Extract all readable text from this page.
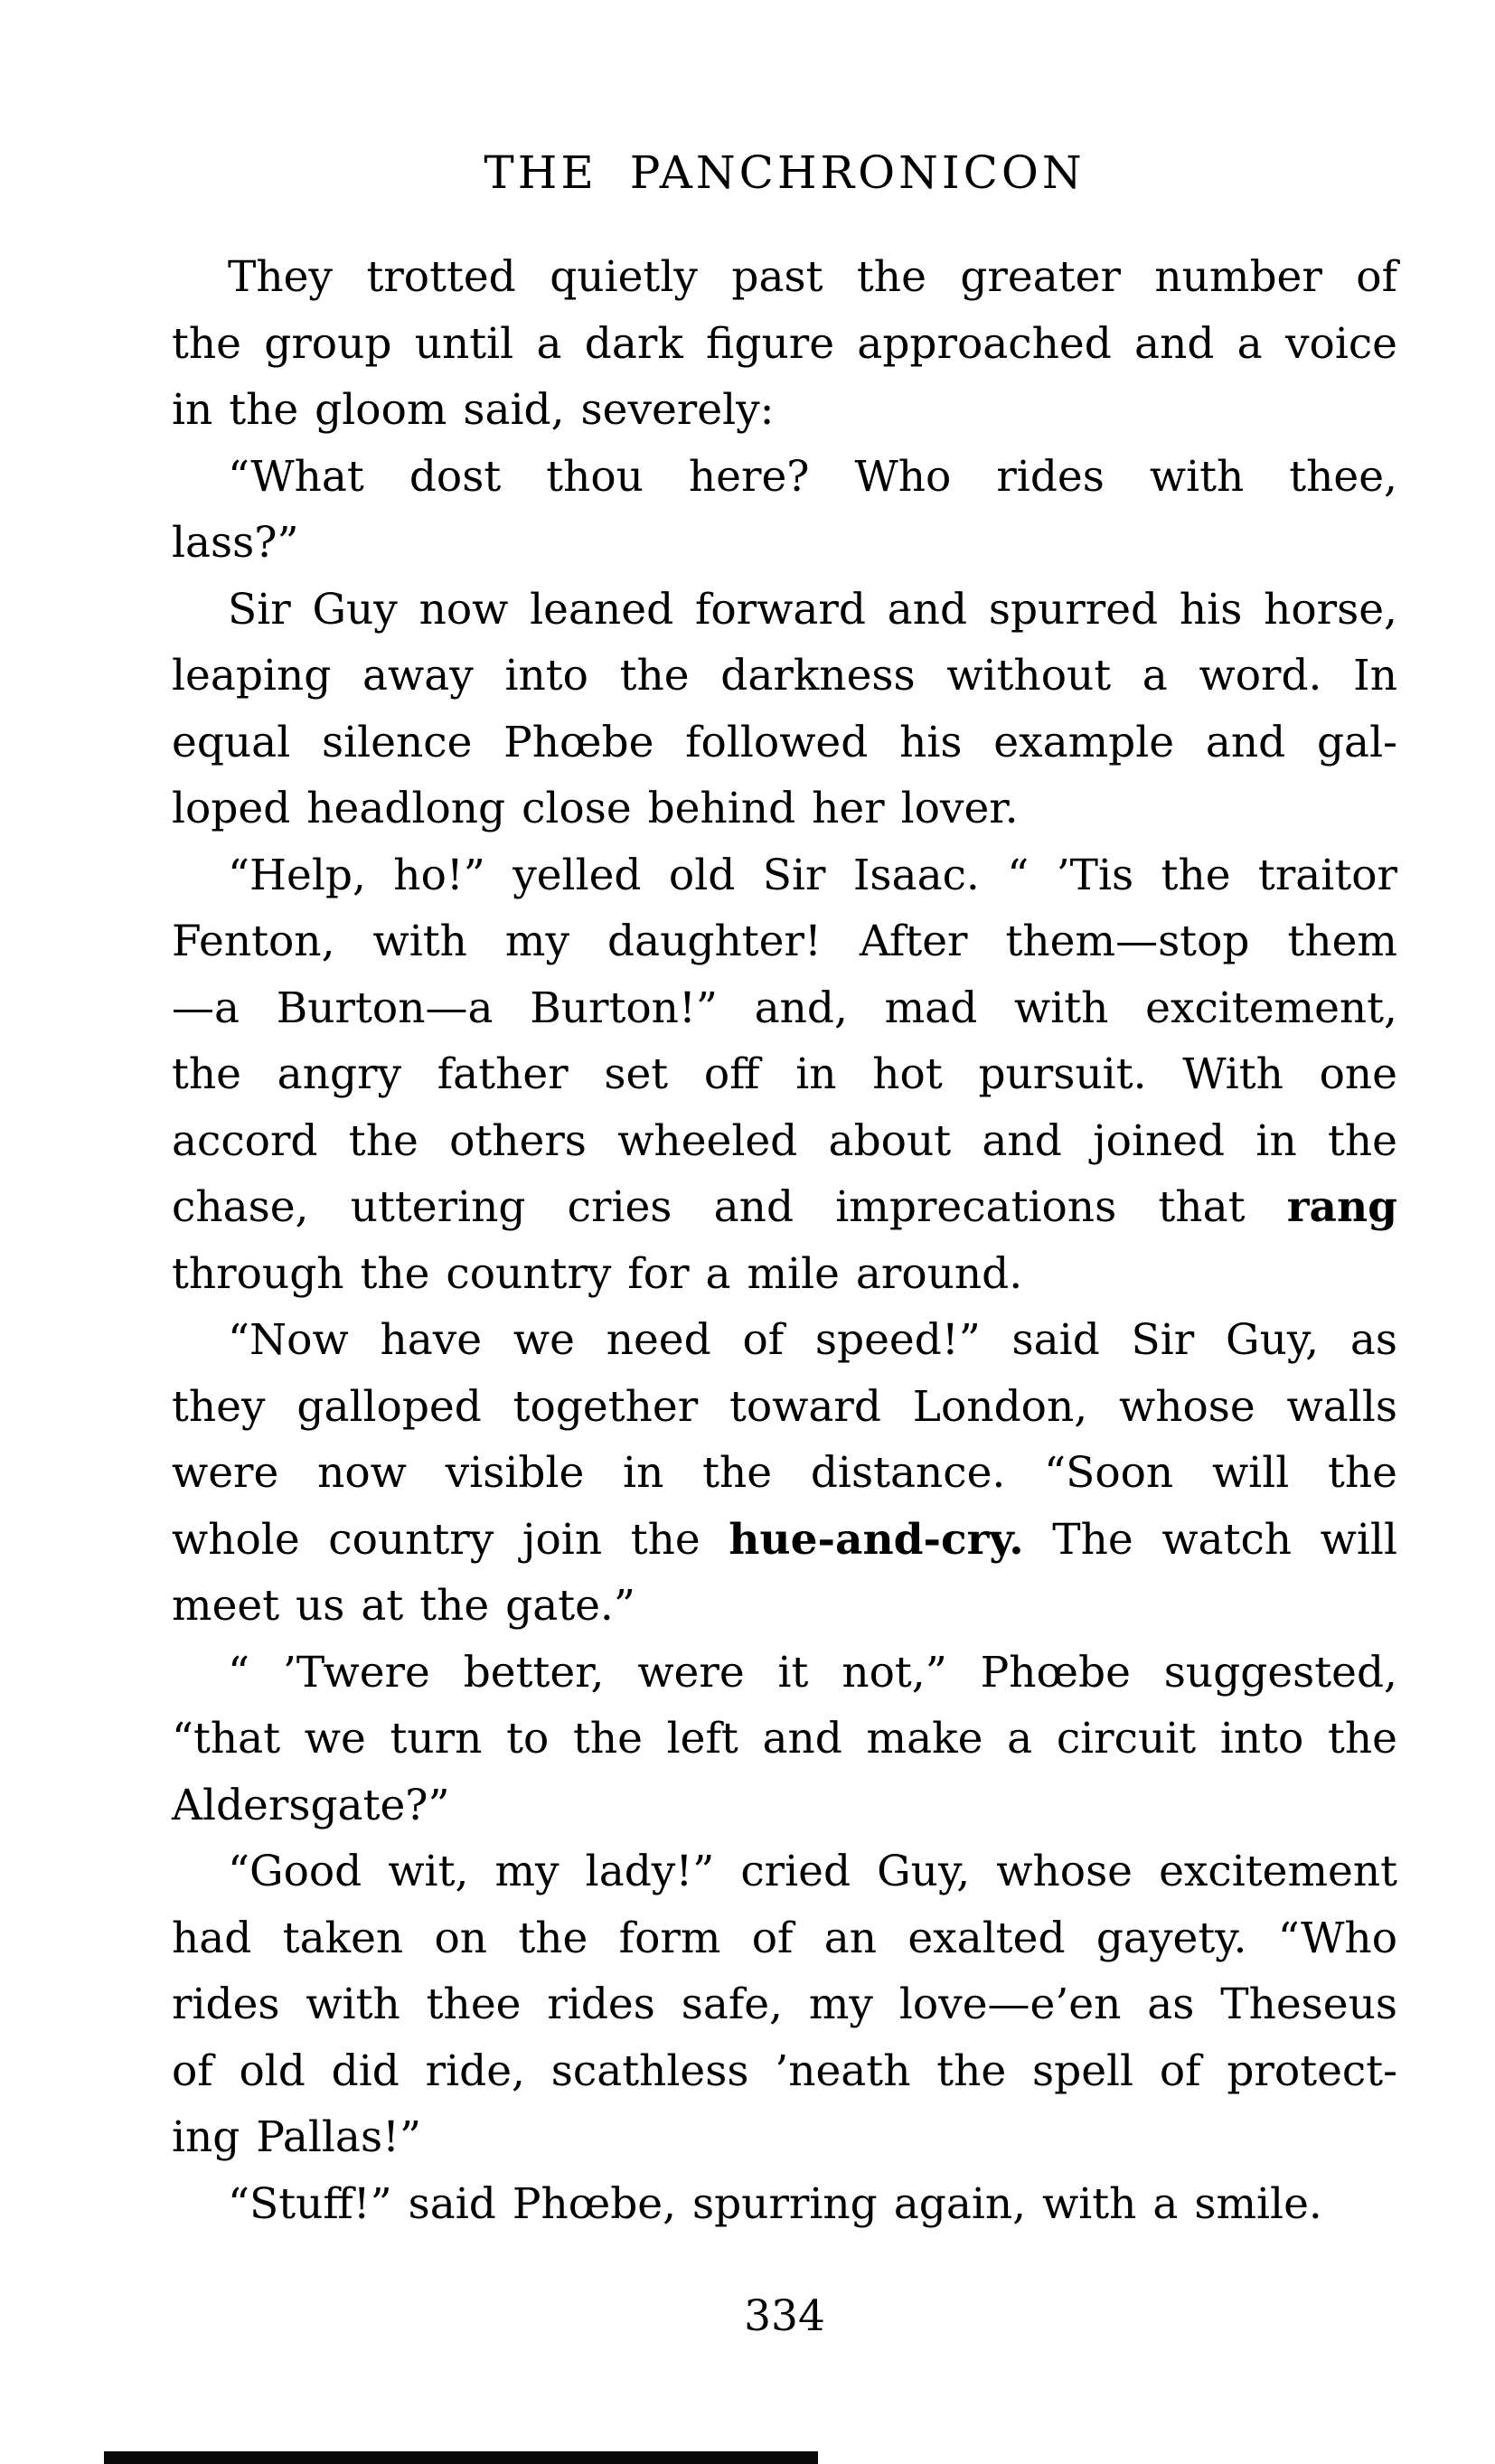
THE PANCHRONICON
They trotted quietly past the greater number of
the group until a dark figure approached and a voice
in the gloom said, severely:
“What dost thou here? Who rides with thee,
lass?”
Sir Guy now leaned forward and spurred his horse,
leaping away into the darkness without a word. In
equal silence Phœbe followed his example and gal-
loped headlong close behind her lover.
“Help, ho!” yelled old Sir Isaac. “ ’Tis the traitor
Fenton, with my daughter! After them—stop them
—a Burton—a Burton!” and, mad with excitement,
the angry father set off in hot pursuit. With one
accord the others wheeled about and joined in the
chase, uttering cries and imprecations that rang
through the country for a mile around.
“Now have we need of speed!” said Sir Guy, as
they galloped together toward London, whose walls
were now visible in the distance. “Soon will the
whole country join the hue-and-cry. The watch will
meet us at the gate.”
“ ’Twere better, were it not,” Phœbe suggested,
“that we turn to the left and make a circuit into the
Aldersgate?”
“Good wit, my lady!” cried Guy, whose excitement
had taken on the form of an exalted gayety. “Who
rides with thee rides safe, my love—e’en as Theseus
of old did ride, scathless ’neath the spell of protect-
ing Pallas!”
“Stuff!” said Phœbe, spurring again, with a smile.
334
